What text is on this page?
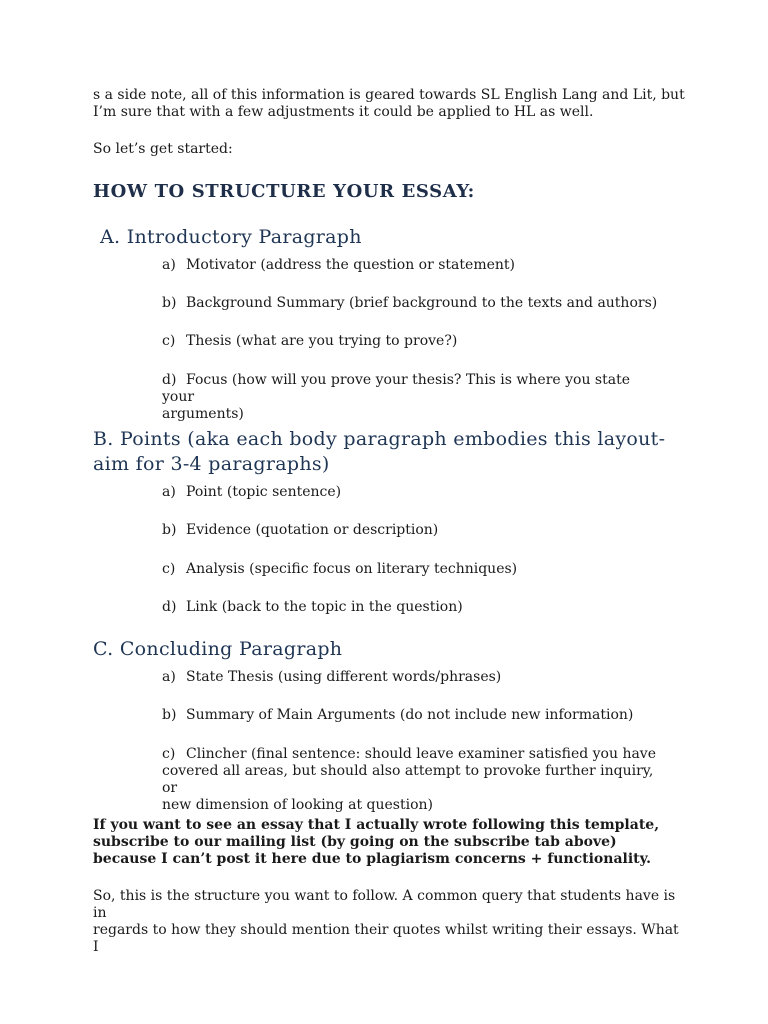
s a side note, all of this information is geared towards SL English Lang and Lit, but
I’m sure that with a few adjustments it could be applied to HL as well.

So let’s get started:

HOW TO STRUCTURE YOUR ESSAY:
A. Introductory Paragraph

a) Motivator (address the question or statement)

b) Background Summary (brief background to the texts and authors)

c) Thesis (what are you trying to prove?)

d) Focus (how will you prove your thesis? This is where you state your
arguments)

B. Points (aka each body paragraph embodies this layout-
aim for 3-4 paragraphs)

a) Point (topic sentence)

b) Evidence (quotation or description)

c) Analysis (specific focus on literary techniques)

d) Link (back to the topic in the question)

C. Concluding Paragraph

a) State Thesis (using different words/phrases)

b) Summary of Main Arguments (do not include new information)

c) Clincher (final sentence: should leave examiner satisfied you have
covered all areas, but should also attempt to provoke further inquiry, or
new dimension of looking at question)

If you want to see an essay that I actually wrote following this template,
subscribe to our mailing list (by going on the subscribe tab above)
because I can’t post it here due to plagiarism concerns + functionality.

So, this is the structure you want to follow. A common query that students have is in
regards to how they should mention their quotes whilst writing their essays. What I
